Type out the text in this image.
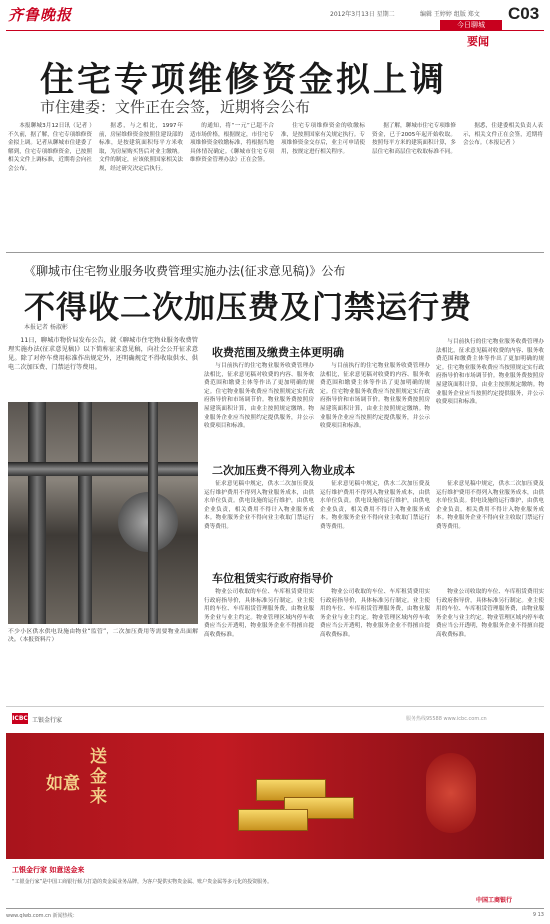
齐鲁晚报	2012年3月13日 星期二	编辑 王婷婷 组版 郑文 C03
今日聊城
要闻
住宅专项维修资金拟上调
市住建委：文件正在会签，近期将会公布

本报聊城3月12日讯（记者 ）不久前，据了解，住宅专项维修资金拟上调。记者从聊城市住建委了解到，住宅专项维修资金，已按照相关文件上调标准，近期将会向社会公布。

据悉，与之相比，1997年前，房屋维修资金按照住建设部的标准，是按建筑面积每平方米收取，为房屋购买售后对业主缴纳。文件的制定，应该依照国家相关法规，经过研究决定后执行。

的通知，将“一元”已超不合适市场价格，根据规定，市住宅专项维修资金收缴标准，将根据当地具体情况确定。《聊城市住宅专项维修资金管理办法》正在会签。

住宅专项维修资金的收缴标准，是按照国家有关规定执行。专项维修资金交存后，业主可申请使用，按规定进行相关程序。

据了解，聊城市住宅专项维修资金，已于2005年起开始收取。按照每平方米的建筑面积计算，多层住宅和高层住宅收取标准不同。

据悉，住建委相关负责人表示，相关文件正在会签，近期将会公布。（本报记者 ）

《聊城市住宅物业服务收费管理实施办法(征求意见稿)》公布
不得收二次加压费及门禁运行费
本报记者 杨淑彬

11日，聊城市物价局发布公告，就《聊城市住宅物业服务收费管理实施办法(征求意见稿)》以下简称征求意见稿，向社会公开征求意见。除了对停车费用标准作出规定外，还明确规定不得收取供水、供电二次加压费、门禁运行等费用。

不少小区供水供电设施由物业“监管”，二次加压费用等需要物业出面解决。（本报资料片）
收费范围及缴费主体更明确

与目前执行的住宅物业服务收费管理办法相比，征求意见稿对收费的内容、服务收费范围和缴费主体等作出了更加明确的规定。住宅物业服务收费应当按照规定实行政府指导价和市场调节价。物业服务费按照房屋建筑面积计算，由业主按照规定缴纳。物业服务企业应当按照约定提供服务，并公示收费项目和标准。

与目前执行的住宅物业服务收费管理办法相比，征求意见稿对收费的内容、服务收费范围和缴费主体等作出了更加明确的规定。住宅物业服务收费应当按照规定实行政府指导价和市场调节价。物业服务费按照房屋建筑面积计算，由业主按照规定缴纳。物业服务企业应当按照约定提供服务，并公示收费项目和标准。

与目前执行的住宅物业服务收费管理办法相比，征求意见稿对收费的内容、服务收费范围和缴费主体等作出了更加明确的规定。住宅物业服务收费应当按照规定实行政府指导价和市场调节价。物业服务费按照房屋建筑面积计算，由业主按照规定缴纳。物业服务企业应当按照约定提供服务，并公示收费项目和标准。

二次加压费不得列入物业成本

征求意见稿中规定，供水二次加压费及运行维护费用不得列入物业服务成本，由供水单位负责。供电设施的运行维护，由供电企业负责，相关费用不得计入物业服务成本。物业服务企业不得向业主收取门禁运行费等费用。

征求意见稿中规定，供水二次加压费及运行维护费用不得列入物业服务成本，由供水单位负责。供电设施的运行维护，由供电企业负责，相关费用不得计入物业服务成本。物业服务企业不得向业主收取门禁运行费等费用。

征求意见稿中规定，供水二次加压费及运行维护费用不得列入物业服务成本，由供水单位负责。供电设施的运行维护，由供电企业负责，相关费用不得计入物业服务成本。物业服务企业不得向业主收取门禁运行费等费用。

车位租赁实行政府指导价

物业公司收取的车位、车库租赁费用实行政府指导价，具体标准另行制定。业主使用的车位、车库租赁管理服务费，由物业服务企业与业主约定。物业管理区域内停车收费应当公开透明，物业服务企业不得擅自提高收费标准。

物业公司收取的车位、车库租赁费用实行政府指导价，具体标准另行制定。业主使用的车位、车库租赁管理服务费，由物业服务企业与业主约定。物业管理区域内停车收费应当公开透明，物业服务企业不得擅自提高收费标准。

物业公司收取的车位、车库租赁费用实行政府指导价，具体标准另行制定。业主使用的车位、车库租赁管理服务费，由物业服务企业与业主约定。物业管理区域内停车收费应当公开透明，物业服务企业不得擅自提高收费标准。

ICBC 工银金行家	服务热线95588 www.icbc.com.cn
如意
送金来
工银金行家 如意送金来
“工银金行家”是中国工商银行倾力打造的贵金属业务品牌，为客户提供实物贵金属、账户贵金属等多元化的投资服务。
中国工商银行
www.qlwb.com.cn 新闻热线：	9 13
